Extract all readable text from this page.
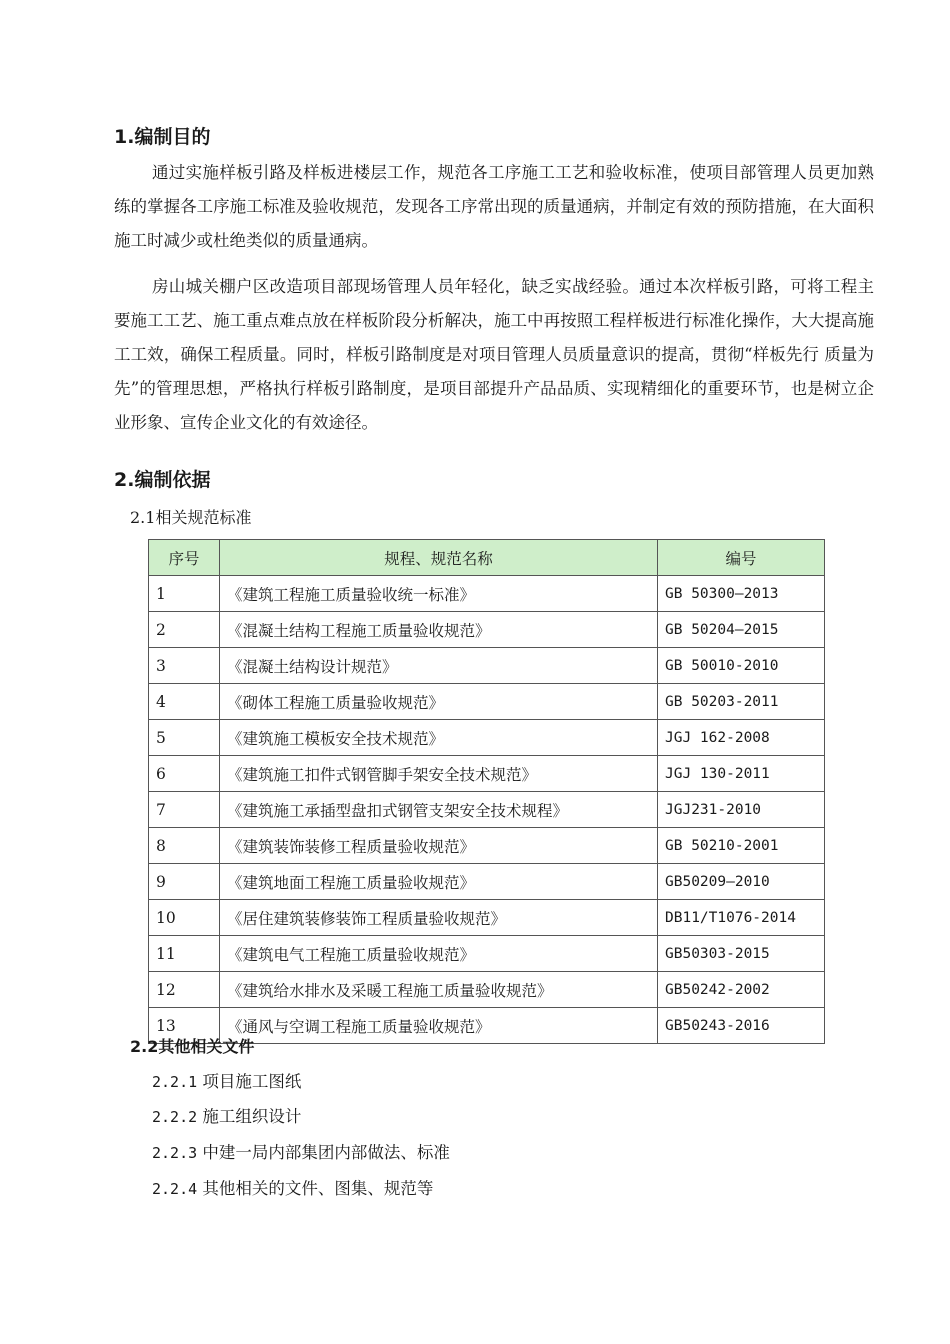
1.编制目的

通过实施样板引路及样板进楼层工作，规范各工序施工工艺和验收标准，使项目部管理人员更加熟练的掌握各工序施工标准及验收规范，发现各工序常出现的质量通病，并制定有效的预防措施，在大面积施工时减少或杜绝类似的质量通病。

房山城关棚户区改造项目部现场管理人员年轻化，缺乏实战经验。通过本次样板引路，可将工程主要施工工艺、施工重点难点放在样板阶段分析解决，施工中再按照工程样板进行标准化操作，大大提高施工工效，确保工程质量。同时，样板引路制度是对项目管理人员质量意识的提高，贯彻“样板先行 质量为先”的管理思想，严格执行样板引路制度，是项目部提升产品品质、实现精细化的重要环节，也是树立企业形象、宣传企业文化的有效途径。

2.编制依据

2.1相关规范标准

序号	规程、规范名称	编号
1	《建筑工程施工质量验收统一标准》	GB 50300—2013
2	《混凝土结构工程施工质量验收规范》	GB 50204—2015
3	《混凝土结构设计规范》	GB 50010-2010
4	《砌体工程施工质量验收规范》	GB 50203-2011
5	《建筑施工模板安全技术规范》	JGJ 162-2008
6	《建筑施工扣件式钢管脚手架安全技术规范》	JGJ 130-2011
7	《建筑施工承插型盘扣式钢管支架安全技术规程》	JGJ231-2010
8	《建筑装饰装修工程质量验收规范》	GB 50210-2001
9	《建筑地面工程施工质量验收规范》	GB50209—2010
10	《居住建筑装修装饰工程质量验收规范》	DB11/T1076-2014
11	《建筑电气工程施工质量验收规范》	GB50303-2015
12	《建筑给水排水及采暖工程施工质量验收规范》	GB50242-2002
13	《通风与空调工程施工质量验收规范》	GB50243-2016

2.2其他相关文件

2.2.1 项目施工图纸

2.2.2 施工组织设计

2.2.3 中建一局内部集团内部做法、标准

2.2.4 其他相关的文件、图集、规范等
